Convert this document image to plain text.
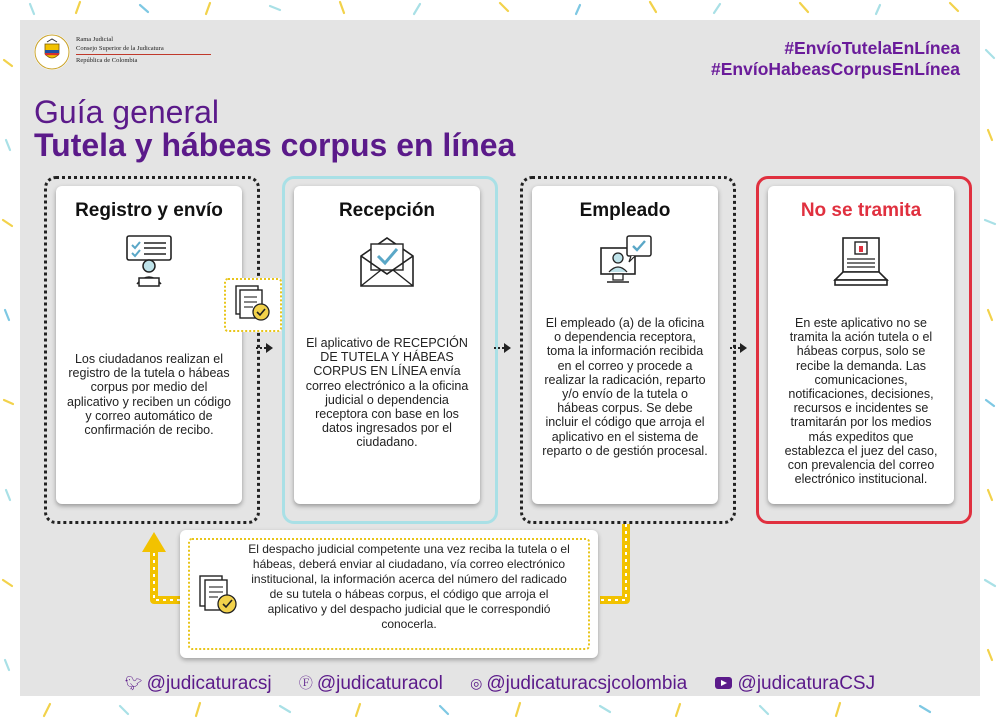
Rama Judicial
Consejo Superior de la Judicatura
República de Colombia
#EnvíoTutelaEnLínea
#EnvíoHabeasCorpusEnLínea
Guía general
Tutela y hábeas corpus en línea
Registro y envío
Los ciudadanos realizan el registro de la tutela o hábeas corpus por medio del aplicativo y reciben un código y correo automático de confirmación de recibo.
Recepción
El aplicativo de RECEPCIÓN DE TUTELA Y HÁBEAS CORPUS EN LÍNEA envía correo electrónico a la oficina judicial o dependencia receptora con base en los datos ingresados por el ciudadano.
Empleado
El empleado (a) de la oficina o dependencia receptora, toma la información recibida en el correo y procede a realizar la radicación, reparto y/o envío de la tutela o hábeas corpus. Se debe incluir el código que arroja el aplicativo en el sistema de reparto o de gestión procesal.
No se tramita
En este aplicativo no se tramita la ación tutela o el hábeas corpus, solo se recibe la demanda. Las comunicaciones, notificaciones, decisiones, recursos e incidentes se tramitarán por los medios más expeditos que establezca el juez del caso, con prevalencia del correo electrónico institucional.
El despacho judicial competente una vez reciba la tutela o el hábeas, deberá enviar al ciudadano, vía correo electrónico institucional, la información acerca del número del radicado de su tutela o hábeas corpus, el código que arroja el aplicativo y del despacho judicial que le correspondió conocerla.
🐦︎ @judicaturacsj Ⓕ @judicaturacol ◎ @judicaturacsjcolombia	@judicaturaCSJ
